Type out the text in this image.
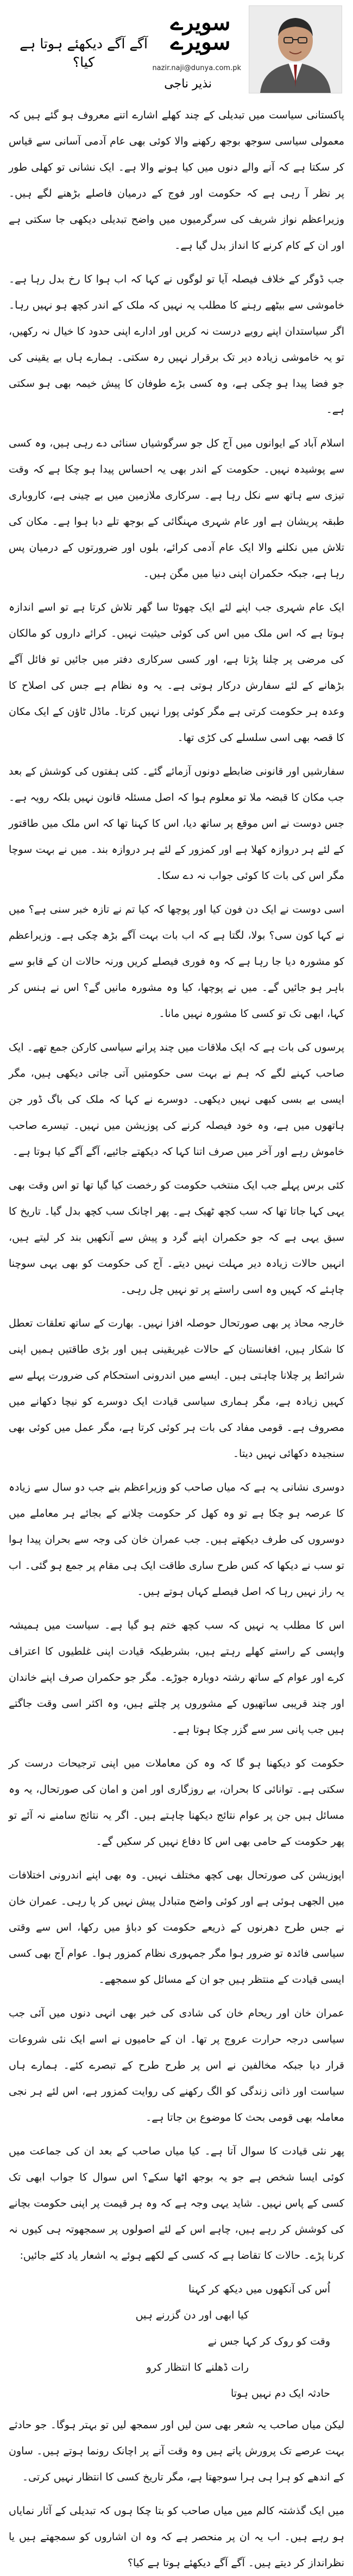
سویرے
سویرے
nazir.naji@dunya.com.pk
نذیر ناجی
آگے آگے دیکھئے ہوتا ہے کیا؟

پاکستانی سیاست میں تبدیلی کے چند کھلے اشارے اتنے معروف ہو گئے ہیں کہ معمولی سیاسی سوجھ بوجھ رکھنے والا کوئی بھی عام آدمی آسانی سے قیاس کر سکتا ہے کہ آنے والے دنوں میں کیا ہونے والا ہے۔ ایک نشانی تو کھلی طور پر نظر آ رہی ہے کہ حکومت اور فوج کے درمیان فاصلے بڑھنے لگے ہیں۔ وزیراعظم نواز شریف کی سرگرمیوں میں واضح تبدیلی دیکھی جا سکتی ہے اور ان کے کام کرنے کا انداز بدل گیا ہے۔

جب ڈوگر کے خلاف فیصلہ آیا تو لوگوں نے کہا کہ اب ہوا کا رخ بدل رہا ہے۔ خاموشی سے بیٹھے رہنے کا مطلب یہ نہیں کہ ملک کے اندر کچھ ہو نہیں رہا۔ اگر سیاستدان اپنے رویے درست نہ کریں اور ادارے اپنی حدود کا خیال نہ رکھیں، تو یہ خاموشی زیادہ دیر تک برقرار نہیں رہ سکتی۔ ہمارے ہاں بے یقینی کی جو فضا پیدا ہو چکی ہے، وہ کسی بڑے طوفان کا پیش خیمہ بھی ہو سکتی ہے۔

اسلام آباد کے ایوانوں میں آج کل جو سرگوشیاں سنائی دے رہی ہیں، وہ کسی سے پوشیدہ نہیں۔ حکومت کے اندر بھی یہ احساس پیدا ہو چکا ہے کہ وقت تیزی سے ہاتھ سے نکل رہا ہے۔ سرکاری ملازمین میں بے چینی ہے، کاروباری طبقہ پریشان ہے اور عام شہری مہنگائی کے بوجھ تلے دبا ہوا ہے۔ مکان کی تلاش میں نکلنے والا ایک عام آدمی کرائے، بلوں اور ضرورتوں کے درمیان پس رہا ہے، جبکہ حکمران اپنی دنیا میں مگن ہیں۔

ایک عام شہری جب اپنے لئے ایک چھوٹا سا گھر تلاش کرتا ہے تو اسے اندازہ ہوتا ہے کہ اس ملک میں اس کی کوئی حیثیت نہیں۔ کرائے داروں کو مالکان کی مرضی پر چلنا پڑتا ہے، اور کسی سرکاری دفتر میں جائیں تو فائل آگے بڑھانے کے لئے سفارش درکار ہوتی ہے۔ یہ وہ نظام ہے جس کی اصلاح کا وعدہ ہر حکومت کرتی ہے مگر کوئی پورا نہیں کرتا۔ ماڈل ٹاؤن کے ایک مکان کا قصہ بھی اسی سلسلے کی کڑی تھا۔

سفارشیں اور قانونی ضابطے دونوں آزمائے گئے۔ کئی ہفتوں کی کوشش کے بعد جب مکان کا قبضہ ملا تو معلوم ہوا کہ اصل مسئلہ قانون نہیں بلکہ رویہ ہے۔ جس دوست نے اس موقع پر ساتھ دیا، اس کا کہنا تھا کہ اس ملک میں طاقتور کے لئے ہر دروازہ کھلا ہے اور کمزور کے لئے ہر دروازہ بند۔ میں نے بہت سوچا مگر اس کی بات کا کوئی جواب نہ دے سکا۔

اسی دوست نے ایک دن فون کیا اور پوچھا کہ کیا تم نے تازہ خبر سنی ہے؟ میں نے کہا کون سی؟ بولا، لگتا ہے کہ اب بات بہت آگے بڑھ چکی ہے۔ وزیراعظم کو مشورہ دیا جا رہا ہے کہ وہ فوری فیصلے کریں ورنہ حالات ان کے قابو سے باہر ہو جائیں گے۔ میں نے پوچھا، کیا وہ مشورہ مانیں گے؟ اس نے ہنس کر کہا، ابھی تک تو کسی کا مشورہ نہیں مانا۔

پرسوں کی بات ہے کہ ایک ملاقات میں چند پرانے سیاسی کارکن جمع تھے۔ ایک صاحب کہنے لگے کہ ہم نے بہت سی حکومتیں آتی جاتی دیکھی ہیں، مگر ایسی بے بسی کبھی نہیں دیکھی۔ دوسرے نے کہا کہ ملک کی باگ ڈور جن ہاتھوں میں ہے، وہ خود فیصلہ کرنے کی پوزیشن میں نہیں۔ تیسرے صاحب خاموش رہے اور آخر میں صرف اتنا کہا کہ دیکھتے جائیے، آگے آگے کیا ہوتا ہے۔

کئی برس پہلے جب ایک منتخب حکومت کو رخصت کیا گیا تھا تو اس وقت بھی یہی کہا جاتا تھا کہ سب کچھ ٹھیک ہے۔ پھر اچانک سب کچھ بدل گیا۔ تاریخ کا سبق یہی ہے کہ جو حکمران اپنے گرد و پیش سے آنکھیں بند کر لیتے ہیں، انہیں حالات زیادہ دیر مہلت نہیں دیتے۔ آج کی حکومت کو بھی یہی سوچنا چاہئے کہ کہیں وہ اسی راستے پر تو نہیں چل رہی۔

خارجہ محاذ پر بھی صورتحال حوصلہ افزا نہیں۔ بھارت کے ساتھ تعلقات تعطل کا شکار ہیں، افغانستان کے حالات غیریقینی ہیں اور بڑی طاقتیں ہمیں اپنی شرائط پر چلانا چاہتی ہیں۔ ایسے میں اندرونی استحکام کی ضرورت پہلے سے کہیں زیادہ ہے، مگر ہماری سیاسی قیادت ایک دوسرے کو نیچا دکھانے میں مصروف ہے۔ قومی مفاد کی بات ہر کوئی کرتا ہے، مگر عمل میں کوئی بھی سنجیدہ دکھائی نہیں دیتا۔

دوسری نشانی یہ ہے کہ میاں صاحب کو وزیراعظم بنے جب دو سال سے زیادہ کا عرصہ ہو چکا ہے تو وہ کھل کر حکومت چلانے کے بجائے ہر معاملے میں دوسروں کی طرف دیکھتے ہیں۔ جب عمران خان کی وجہ سے بحران پیدا ہوا تو سب نے دیکھا کہ کس طرح ساری طاقت ایک ہی مقام پر جمع ہو گئی۔ اب یہ راز نہیں رہا کہ اصل فیصلے کہاں ہوتے ہیں۔

اس کا مطلب یہ نہیں کہ سب کچھ ختم ہو گیا ہے۔ سیاست میں ہمیشہ واپسی کے راستے کھلے رہتے ہیں، بشرطیکہ قیادت اپنی غلطیوں کا اعتراف کرے اور عوام کے ساتھ رشتہ دوبارہ جوڑے۔ مگر جو حکمران صرف اپنے خاندان اور چند قریبی ساتھیوں کے مشوروں پر چلتے ہیں، وہ اکثر اسی وقت جاگتے ہیں جب پانی سر سے گزر چکا ہوتا ہے۔

حکومت کو دیکھنا ہو گا کہ وہ کن معاملات میں اپنی ترجیحات درست کر سکتی ہے۔ توانائی کا بحران، بے روزگاری اور امن و امان کی صورتحال، یہ وہ مسائل ہیں جن پر عوام نتائج دیکھنا چاہتے ہیں۔ اگر یہ نتائج سامنے نہ آئے تو پھر حکومت کے حامی بھی اس کا دفاع نہیں کر سکیں گے۔

اپوزیشن کی صورتحال بھی کچھ مختلف نہیں۔ وہ بھی اپنے اندرونی اختلافات میں الجھی ہوئی ہے اور کوئی واضح متبادل پیش نہیں کر پا رہی۔ عمران خان نے جس طرح دھرنوں کے ذریعے حکومت کو دباؤ میں رکھا، اس سے وقتی سیاسی فائدہ تو ضرور ہوا مگر جمہوری نظام کمزور ہوا۔ عوام آج بھی کسی ایسی قیادت کے منتظر ہیں جو ان کے مسائل کو سمجھے۔

عمران خان اور ریحام خان کی شادی کی خبر بھی انہی دنوں میں آئی جب سیاسی درجہ حرارت عروج پر تھا۔ ان کے حامیوں نے اسے ایک نئی شروعات قرار دیا جبکہ مخالفین نے اس پر طرح طرح کے تبصرے کئے۔ ہمارے ہاں سیاست اور ذاتی زندگی کو الگ رکھنے کی روایت کمزور ہے، اس لئے ہر نجی معاملہ بھی قومی بحث کا موضوع بن جاتا ہے۔

پھر نئی قیادت کا سوال آتا ہے۔ کیا میاں صاحب کے بعد ان کی جماعت میں کوئی ایسا شخص ہے جو یہ بوجھ اٹھا سکے؟ اس سوال کا جواب ابھی تک کسی کے پاس نہیں۔ شاید یہی وجہ ہے کہ وہ ہر قیمت پر اپنی حکومت بچانے کی کوشش کر رہے ہیں، چاہے اس کے لئے اصولوں پر سمجھوتہ ہی کیوں نہ کرنا پڑے۔ حالات کا تقاضا ہے کہ کسی کے لکھے ہوئے یہ اشعار یاد کئے جائیں:

اُس کی آنکھوں میں دیکھ کر کہنا
کیا ابھی اور دن گزرنے ہیں
وقت کو روک کر کہا جس نے
رات ڈھلنے کا انتظار کرو
حادثہ ایک دم نہیں ہوتا

لیکن میاں صاحب یہ شعر بھی سن لیں اور سمجھ لیں تو بہتر ہوگا۔ جو حادثے بہت عرصے تک پرورش پاتے ہیں وہ وقت آنے پر اچانک رونما ہوتے ہیں۔ ساون کے اندھے کو ہرا ہی ہرا سوجھتا ہے، مگر تاریخ کسی کا انتظار نہیں کرتی۔

میں ایک گذشتہ کالم میں میاں صاحب کو بتا چکا ہوں کہ تبدیلی کے آثار نمایاں ہو رہے ہیں۔ اب یہ ان پر منحصر ہے کہ وہ ان اشاروں کو سمجھتے ہیں یا نظرانداز کر دیتے ہیں۔ آگے آگے دیکھئے ہوتا ہے کیا؟
